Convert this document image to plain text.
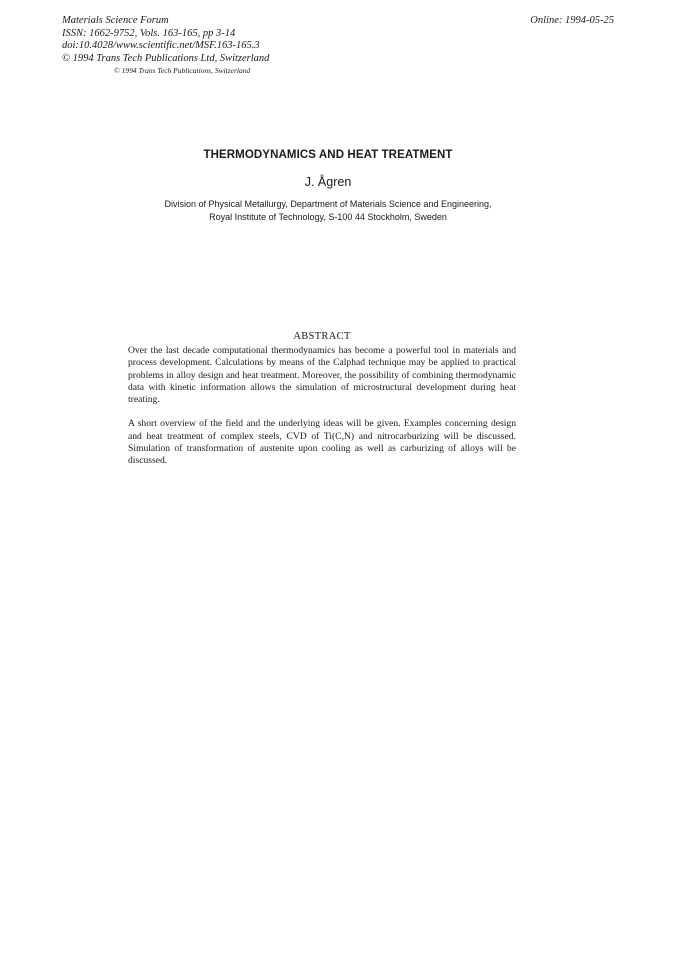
Materials Science Forum
ISSN: 1662-9752, Vols. 163-165, pp 3-14
doi:10.4028/www.scientific.net/MSF.163-165.3
© 1994 Trans Tech Publications Ltd, Switzerland
Online: 1994-05-25
© 1994 Trans Tech Publications, Switzerland
THERMODYNAMICS AND HEAT TREATMENT
J. Ågren
Division of Physical Metallurgy, Department of Materials Science and Engineering,
Royal Institute of Technology, S-100 44 Stockholm, Sweden
ABSTRACT

Over the last decade computational thermodynamics has become a powerful tool in materials and process development. Calculations by means of the Calphad technique may be applied to practical problems in alloy design and heat treatment. Moreover, the possibility of combining thermodynamic data with kinetic information allows the simulation of microstructural development during heat treating.

A short overview of the field and the underlying ideas will be given. Examples concerning design and heat treatment of complex steels, CVD of Ti(C,N) and nitrocarburizing will be discussed. Simulation of transformation of austenite upon cooling as well as carburizing of alloys will be discussed.
